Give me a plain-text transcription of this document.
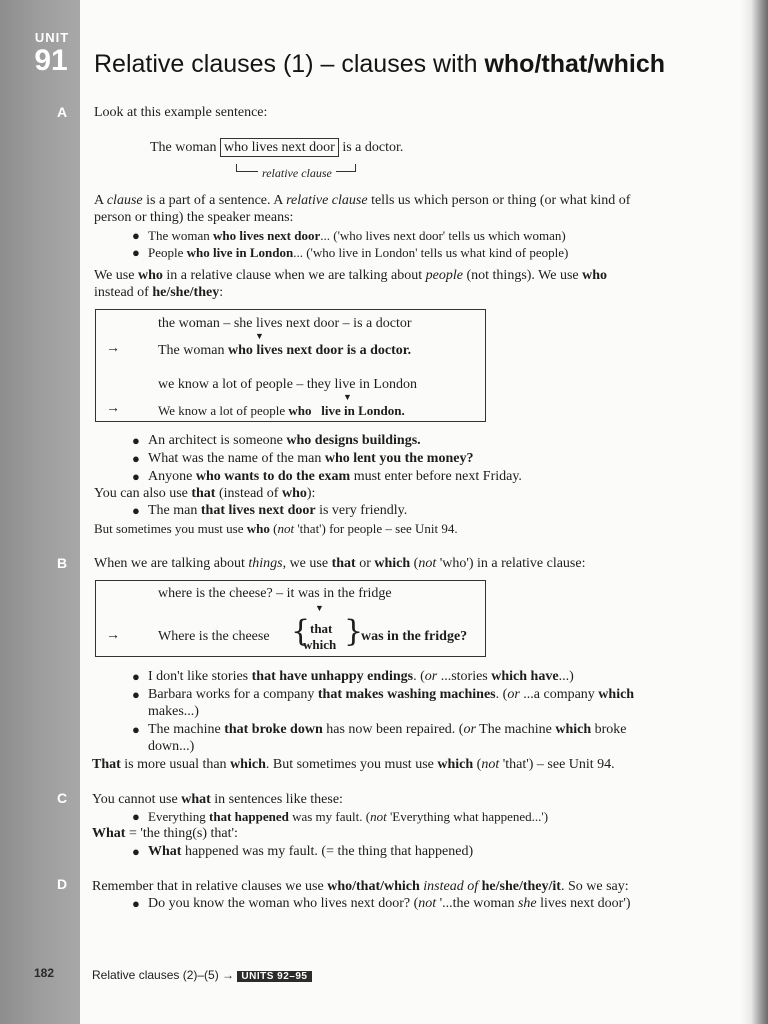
UNIT
91
A
B
C
D
182
Relative clauses (1) – clauses with who/that/which
Look at this example sentence:
The woman who lives next door is a doctor.
relative clause
A clause is a part of a sentence. A relative clause tells us which person or thing (or what kind of
person or thing) the speaker means:
● The woman who lives next door... ('who lives next door' tells us which woman)
● People who live in London... ('who live in London' tells us what kind of people)
We use who in a relative clause when we are talking about people (not things). We use who
instead of he/she/they:
the woman – she lives next door – is a doctor
▼
→	The woman who lives next door is a doctor.
we know a lot of people – they live in London
▼
→	We know a lot of people who live in London.
● An architect is someone who designs buildings.
● What was the name of the man who lent you the money?
● Anyone who wants to do the exam must enter before next Friday.
You can also use that (instead of who):
● The man that lives next door is very friendly.
But sometimes you must use who (not 'that') for people – see Unit 94.
When we are talking about things, we use that or which (not 'who') in a relative clause:
where is the cheese? – it was in the fridge
▼
→	Where is the cheese { that
which }
was in the fridge?
● I don't like stories that have unhappy endings. (or ...stories which have...)
● Barbara works for a company that makes washing machines. (or ...a company which
makes...)
● The machine that broke down has now been repaired. (or The machine which broke
down...)
That is more usual than which. But sometimes you must use which (not 'that') – see Unit 94.
You cannot use what in sentences like these:
● Everything that happened was my fault. (not 'Everything what happened...')
What = 'the thing(s) that':
● What happened was my fault. (= the thing that happened)
Remember that in relative clauses we use who/that/which instead of he/she/they/it. So we say:
● Do you know the woman who lives next door? (not '...the woman she lives next door')
Relative clauses (2)–(5) → UNITS 92–95
